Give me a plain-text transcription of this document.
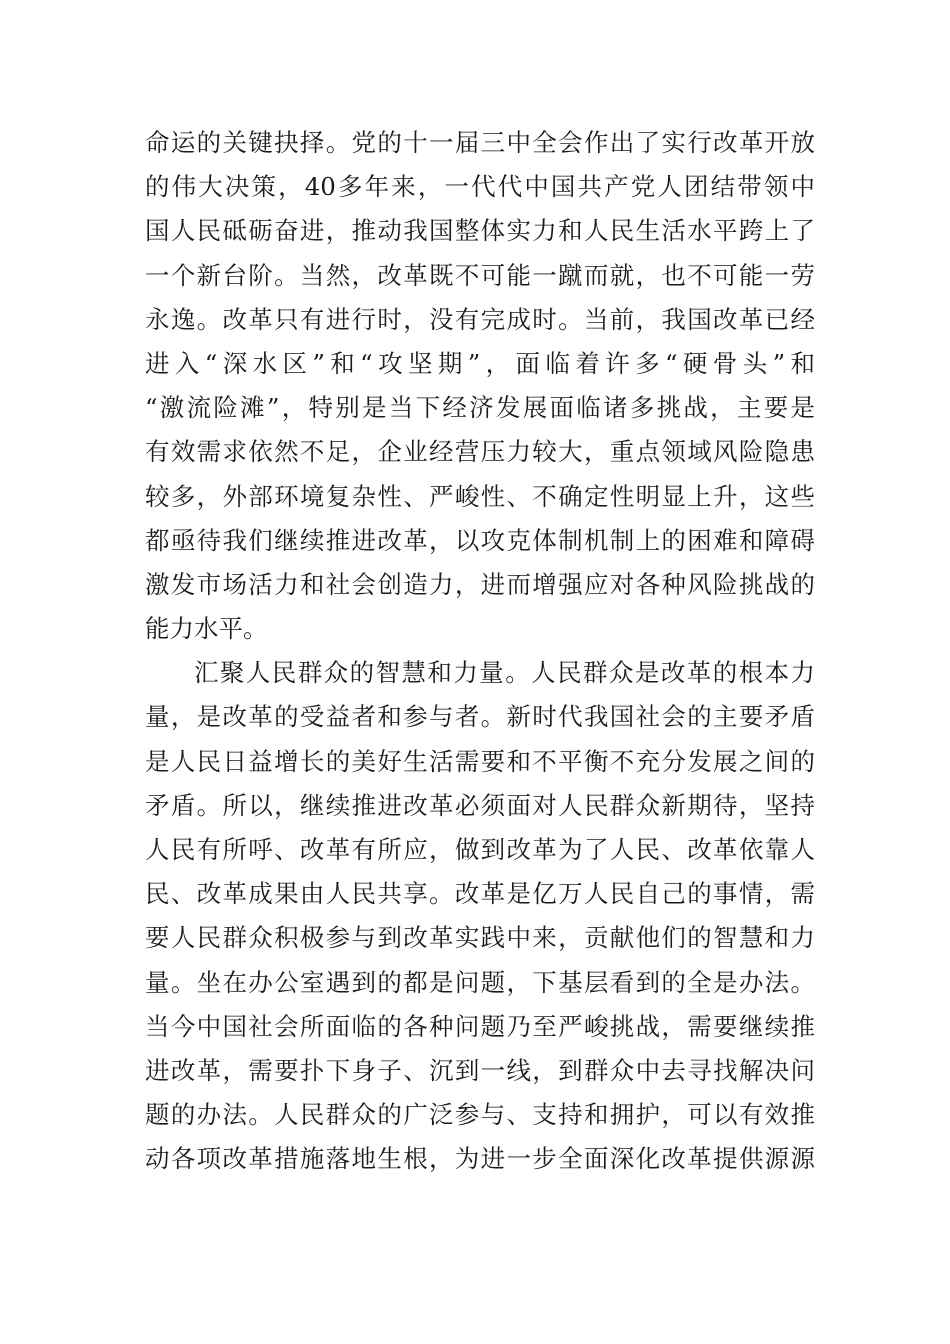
命运的关键抉择。党的十一届三中全会作出了实行改革开放
的伟大决策，40多年来，一代代中国共产党人团结带领中
国人民砥砺奋进，推动我国整体实力和人民生活水平跨上了
一个新台阶。当然，改革既不可能一蹴而就，也不可能一劳
永逸。改革只有进行时，没有完成时。当前，我国改革已经
进入“深水区”和“攻坚期”，面临着许多“硬骨头”和
“激流险滩”，特别是当下经济发展面临诸多挑战，主要是
有效需求依然不足，企业经营压力较大，重点领域风险隐患
较多，外部环境复杂性、严峻性、不确定性明显上升，这些
都亟待我们继续推进改革，以攻克体制机制上的困难和障碍
激发市场活力和社会创造力，进而增强应对各种风险挑战的
能力水平。
汇聚人民群众的智慧和力量。人民群众是改革的根本力
量，是改革的受益者和参与者。新时代我国社会的主要矛盾
是人民日益增长的美好生活需要和不平衡不充分发展之间的
矛盾。所以，继续推进改革必须面对人民群众新期待，坚持
人民有所呼、改革有所应，做到改革为了人民、改革依靠人
民、改革成果由人民共享。改革是亿万人民自己的事情，需
要人民群众积极参与到改革实践中来，贡献他们的智慧和力
量。坐在办公室遇到的都是问题，下基层看到的全是办法。
当今中国社会所面临的各种问题乃至严峻挑战，需要继续推
进改革，需要扑下身子、沉到一线，到群众中去寻找解决问
题的办法。人民群众的广泛参与、支持和拥护，可以有效推
动各项改革措施落地生根，为进一步全面深化改革提供源源
